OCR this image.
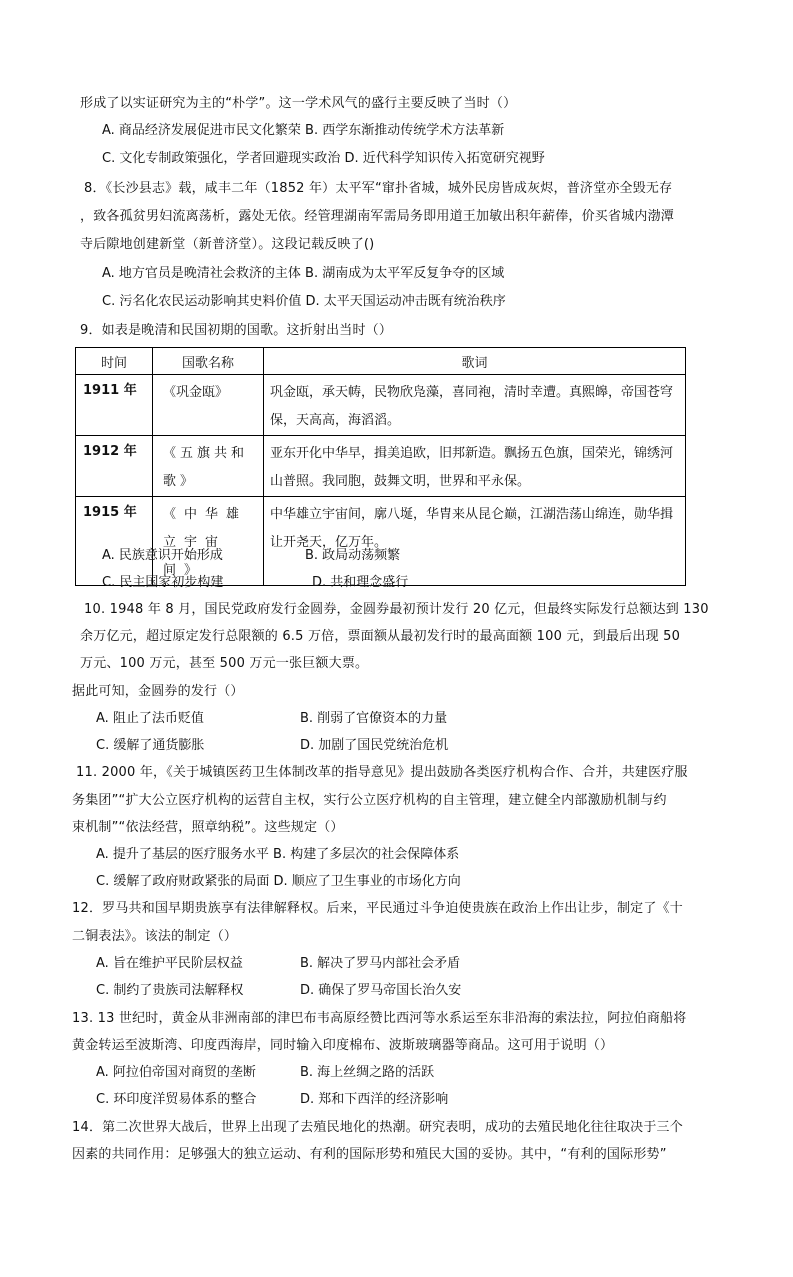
形成了以实证研究为主的“朴学”。这一学术风气的盛行主要反映了当时（）
A. 商品经济发展促进市民文化繁荣 B. 西学东渐推动传统学术方法革新
C. 文化专制政策强化，学者回避现实政治 D. 近代科学知识传入拓宽研究视野
8．《长沙县志》载，咸丰二年（1852 年）太平军“窜扑省城，城外民房皆成灰烬，普济堂亦全毁无存
，致各孤贫男妇流离荡析，露处无依。经管理湖南军需局务即用道王加敏出积年薪俸，价买省城内渤潭
寺后隙地创建新堂（新普济堂）。这段记载反映了()
A. 地方官员是晚清社会救济的主体 B. 湖南成为太平军反复争夺的区域
C. 污名化农民运动影响其史料价值 D. 太平天国运动冲击既有统治秩序
9．如表是晚清和民国初期的国歌。这折射出当时（）
时间	国歌名称	歌词
1911 年	《巩金瓯》	巩金瓯，承天帱，民物欣凫藻，喜同袍，清时幸遭。真熙皞，帝国苍穹保，天高高，海滔滔。
1912 年	《五旗共和歌》	亚东开化中华早，揖美追欧，旧邦新造。飘扬五色旗，国荣光，锦绣河山普照。我同胞，鼓舞文明，世界和平永保。
1915 年	《中华雄立宇宙间》	中华雄立宇宙间，廓八埏，华胄来从昆仑巅，江湖浩荡山绵连，勋华揖让开尧天，亿万年。
A. 民族意识开始形成	B. 政局动荡频繁
C. 民主国家初步构建	D. 共和理念盛行
10. 1948 年 8 月，国民党政府发行金圆券，金圆券最初预计发行 20 亿元，但最终实际发行总额达到 130
余万亿元，超过原定发行总限额的 6.5 万倍，票面额从最初发行时的最高面额 100 元，到最后出现 50
万元、100 万元，甚至 500 万元一张巨额大票。
据此可知，金圆券的发行（）
A. 阻止了法币贬值	B. 削弱了官僚资本的力量
C. 缓解了通货膨胀	D. 加剧了国民党统治危机
11. 2000 年，《关于城镇医药卫生体制改革的指导意见》提出鼓励各类医疗机构合作、合并，共建医疗服
务集团”“扩大公立医疗机构的运营自主权，实行公立医疗机构的自主管理，建立健全内部激励机制与约
束机制”“依法经营，照章纳税”。这些规定（）
A. 提升了基层的医疗服务水平 B. 构建了多层次的社会保障体系
C. 缓解了政府财政紧张的局面 D. 顺应了卫生事业的市场化方向
12．罗马共和国早期贵族享有法律解释权。后来，平民通过斗争迫使贵族在政治上作出让步，制定了《十
二铜表法》。该法的制定（）
A. 旨在维护平民阶层权益	B. 解决了罗马内部社会矛盾
C. 制约了贵族司法解释权	D. 确保了罗马帝国长治久安
13. 13 世纪时，黄金从非洲南部的津巴布韦高原经赞比西河等水系运至东非沿海的索法拉，阿拉伯商船将
黄金转运至波斯湾、印度西海岸，同时输入印度棉布、波斯玻璃器等商品。这可用于说明（）
A. 阿拉伯帝国对商贸的垄断	B. 海上丝绸之路的活跃
C. 环印度洋贸易体系的整合	D. 郑和下西洋的经济影响
14．第二次世界大战后，世界上出现了去殖民地化的热潮。研究表明，成功的去殖民地化往往取决于三个
因素的共同作用：足够强大的独立运动、有利的国际形势和殖民大国的妥协。其中，“有利的国际形势”
